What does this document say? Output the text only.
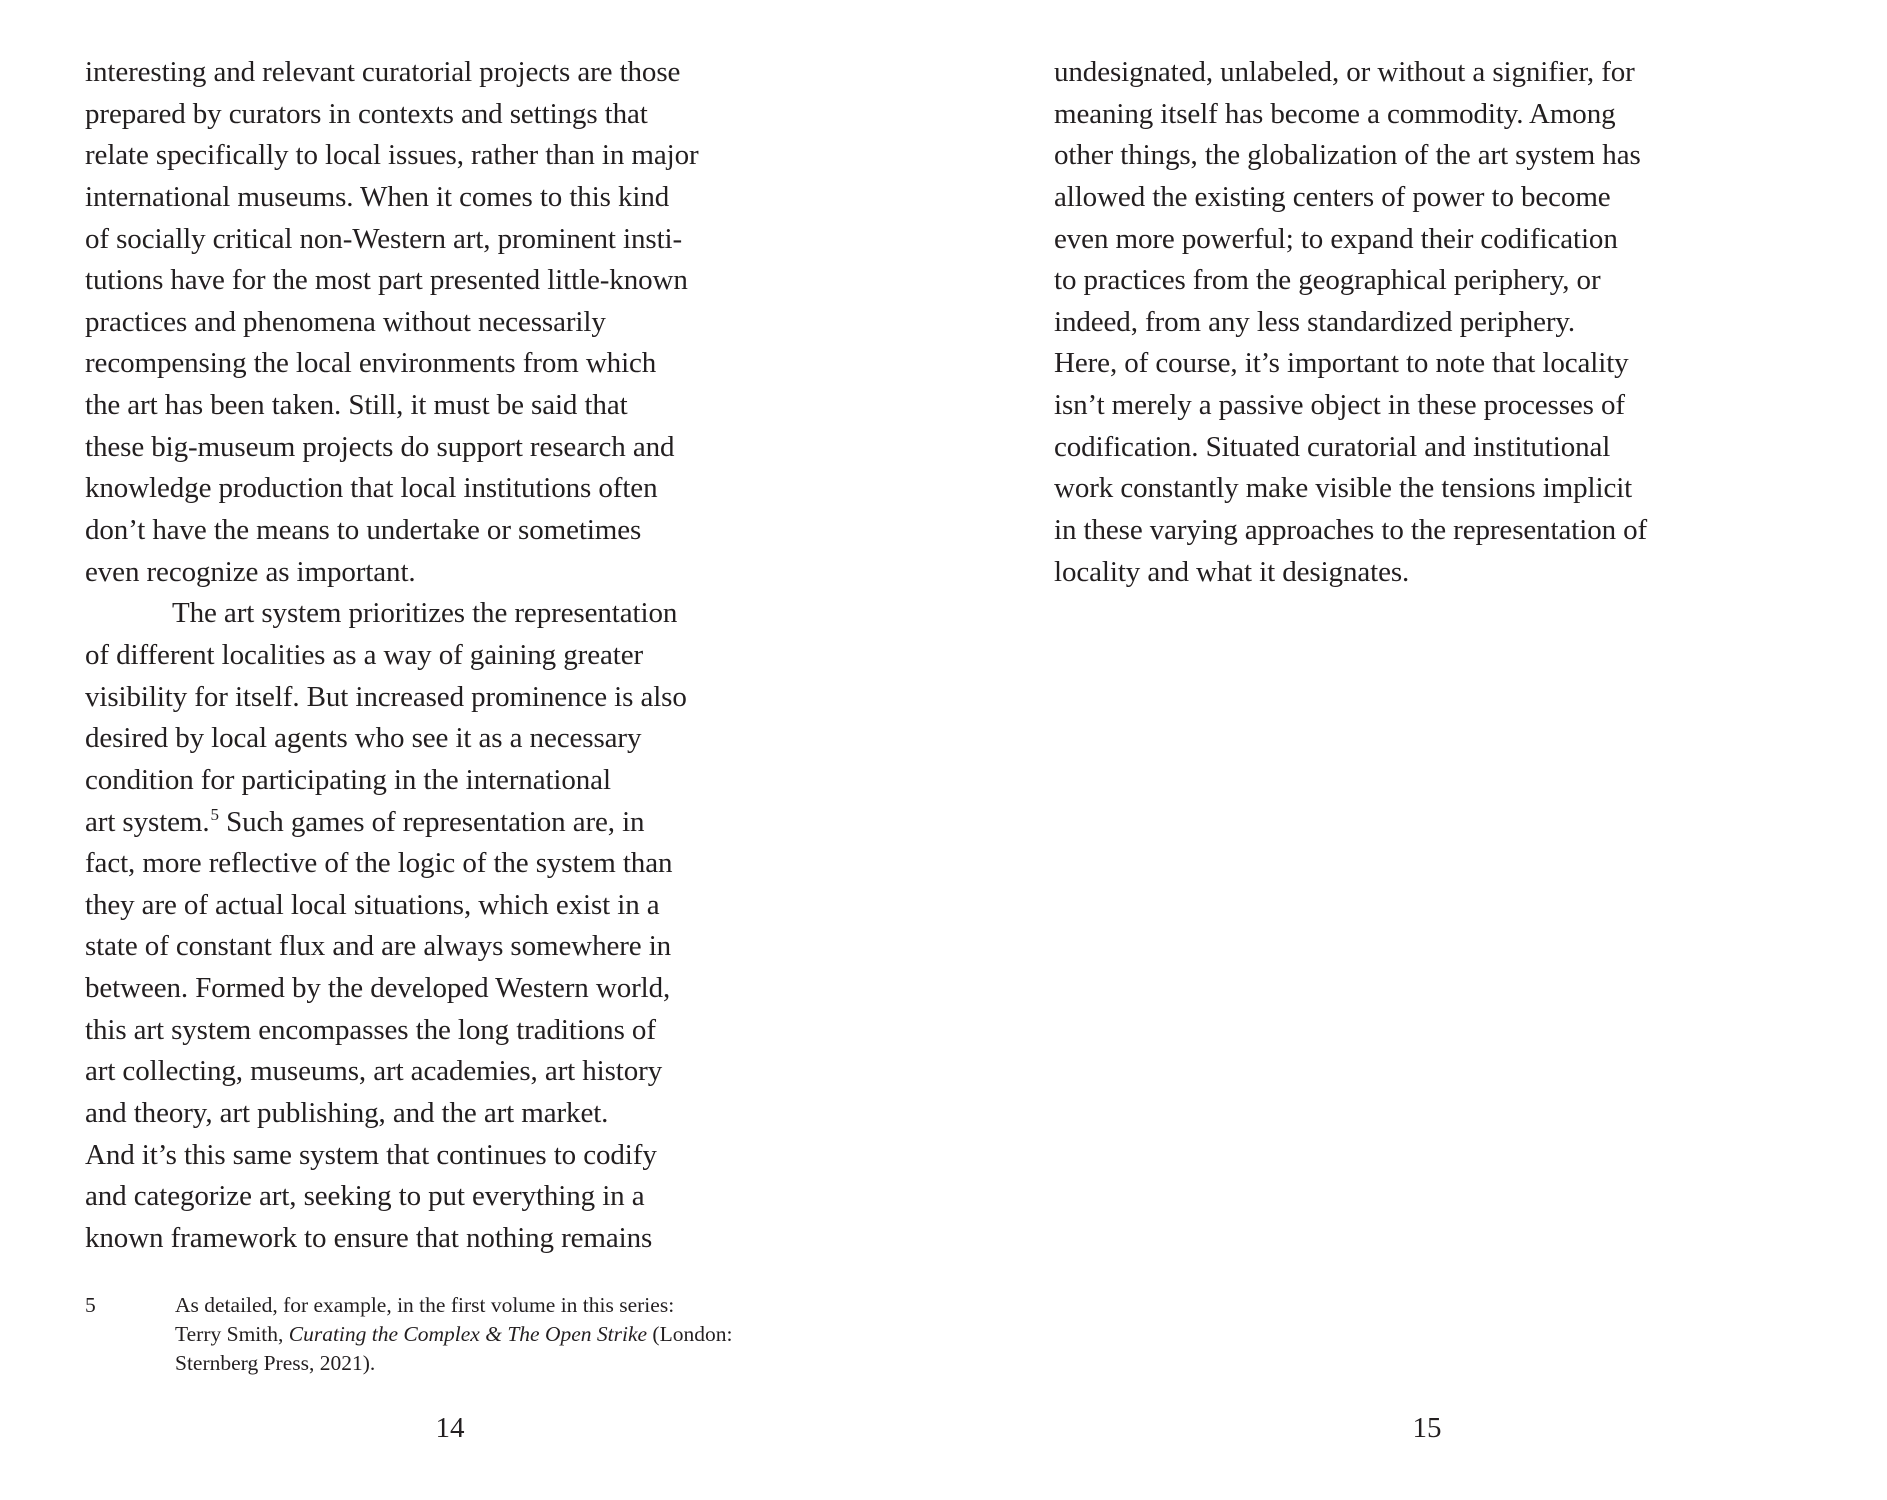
interesting and relevant curatorial projects are those
prepared by curators in contexts and settings that
relate specifically to local issues, rather than in major
international museums. When it comes to this kind
of socially critical non-Western art, prominent insti-
tutions have for the most part presented little-known
practices and phenomena without necessarily
recompensing the local environments from which
the art has been taken. Still, it must be said that
these big-museum projects do support research and
knowledge production that local institutions often
don’t have the means to undertake or sometimes
even recognize as important.
The art system prioritizes the representation
of different localities as a way of gaining greater
visibility for itself. But increased prominence is also
desired by local agents who see it as a necessary
condition for participating in the international
art system.$^5$ Such games of representation are, in
fact, more reflective of the logic of the system than
they are of actual local situations, which exist in a
state of constant flux and are always somewhere in
between. Formed by the developed Western world,
this art system encompasses the long traditions of
art collecting, museums, art academies, art history
and theory, art publishing, and the art market.
And it’s this same system that continues to codify
and categorize art, seeking to put everything in a
known framework to ensure that nothing remains
5	As detailed, for example, in the first volume in this series:
Terry Smith, Curating the Complex & The Open Strike (London:
Sternberg Press, 2021).
14
undesignated, unlabeled, or without a signifier, for
meaning itself has become a commodity. Among
other things, the globalization of the art system has
allowed the existing centers of power to become
even more powerful; to expand their codification
to practices from the geographical periphery, or
indeed, from any less standardized periphery.
Here, of course, it’s important to note that locality
isn’t merely a passive object in these processes of
codification. Situated curatorial and institutional
work constantly make visible the tensions implicit
in these varying approaches to the representation of
locality and what it designates.
15
